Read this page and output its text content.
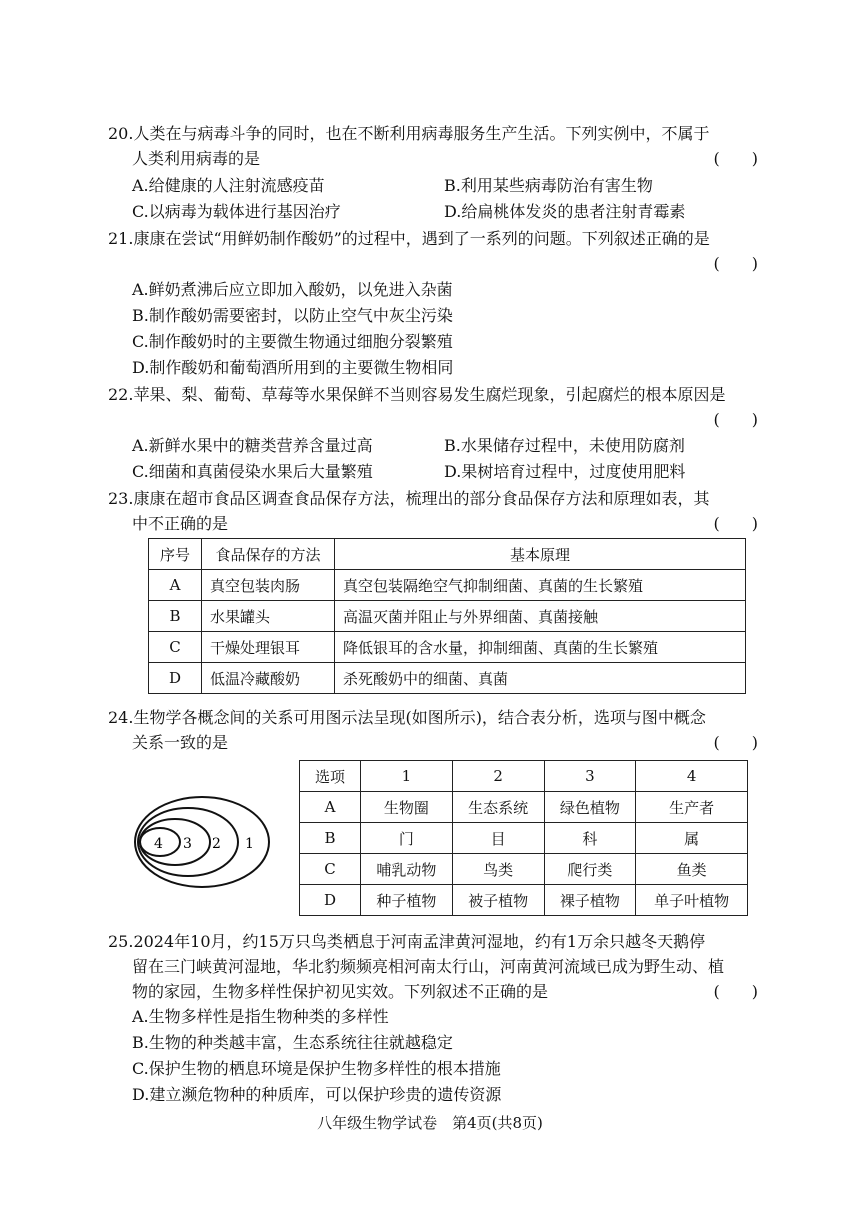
20.人类在与病毒斗争的同时，也在不断利用病毒服务生产生活。下列实例中，不属于
人类利用病毒的是	(　　)
A.给健康的人注射流感疫苗	B.利用某些病毒防治有害生物
C.以病毒为载体进行基因治疗	D.给扁桃体发炎的患者注射青霉素
21.康康在尝试“用鲜奶制作酸奶”的过程中，遇到了一系列的问题。下列叙述正确的是
(　　)
A.鲜奶煮沸后应立即加入酸奶，以免进入杂菌
B.制作酸奶需要密封，以防止空气中灰尘污染
C.制作酸奶时的主要微生物通过细胞分裂繁殖
D.制作酸奶和葡萄酒所用到的主要微生物相同
22.苹果、梨、葡萄、草莓等水果保鲜不当则容易发生腐烂现象，引起腐烂的根本原因是
(　　)
A.新鲜水果中的糖类营养含量过高	B.水果储存过程中，未使用防腐剂
C.细菌和真菌侵染水果后大量繁殖	D.果树培育过程中，过度使用肥料
23.康康在超市食品区调查食品保存方法，梳理出的部分食品保存方法和原理如表，其
中不正确的是	(　　)
序号	食品保存的方法	基本原理
A	真空包装肉肠	真空包装隔绝空气抑制细菌、真菌的生长繁殖
B	水果罐头	高温灭菌并阻止与外界细菌、真菌接触
C	干燥处理银耳	降低银耳的含水量，抑制细菌、真菌的生长繁殖
D	低温冷藏酸奶	杀死酸奶中的细菌、真菌
24.生物学各概念间的关系可用图示法呈现(如图所示)，结合表分析，选项与图中概念
关系一致的是	(　　)
4 3 2 1
选项	1	2	3	4
A	生物圈	生态系统	绿色植物	生产者
B	门	目	科	属
C	哺乳动物	鸟类	爬行类	鱼类
D	种子植物	被子植物	裸子植物	单子叶植物
25.2024年10月，约15万只鸟类栖息于河南孟津黄河湿地，约有1万余只越冬天鹅停
留在三门峡黄河湿地，华北豹频频亮相河南太行山，河南黄河流域已成为野生动、植
物的家园，生物多样性保护初见实效。下列叙述不正确的是	(　　)
A.生物多样性是指生物种类的多样性
B.生物的种类越丰富，生态系统往往就越稳定
C.保护生物的栖息环境是保护生物多样性的根本措施
D.建立濒危物种的种质库，可以保护珍贵的遗传资源
八年级生物学试卷　第4页(共8页)
